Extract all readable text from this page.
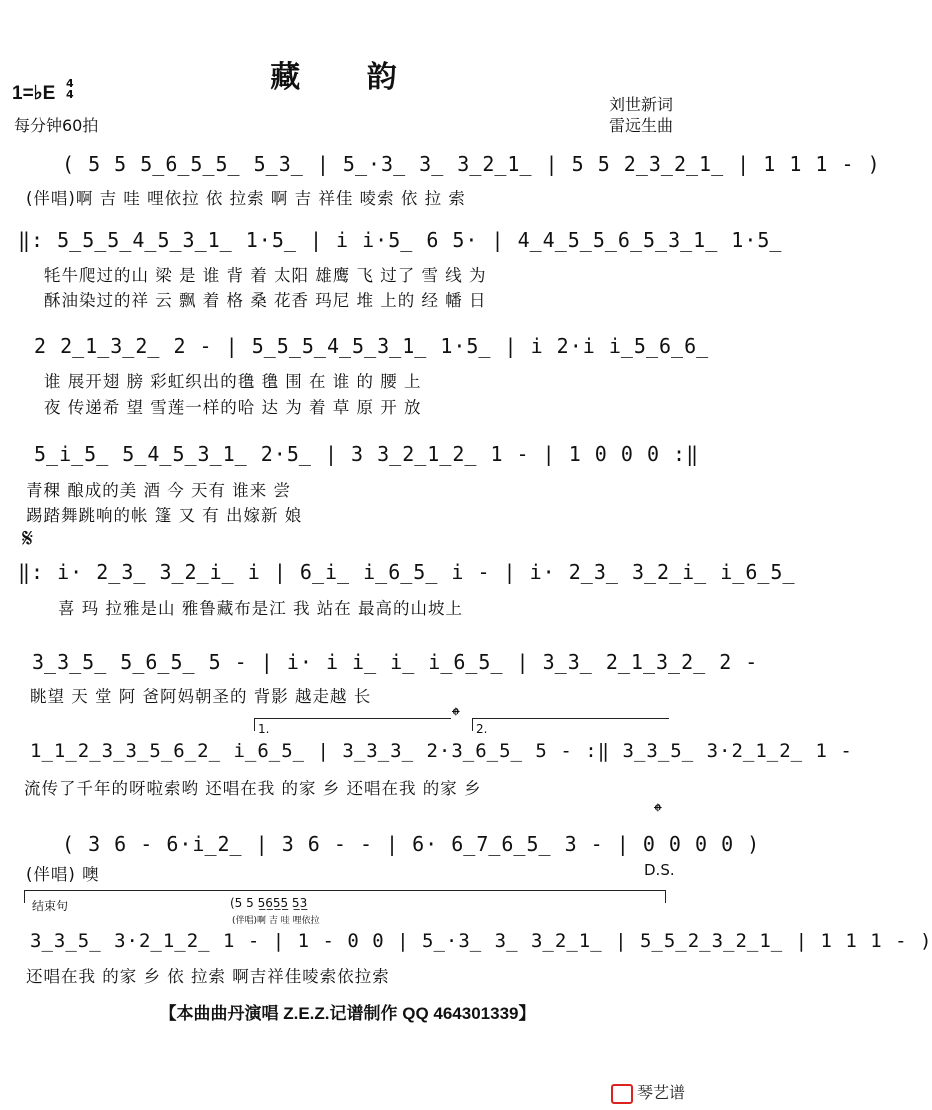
藏 韵
1=♭E 4
4
每分钟60拍
刘世新词
雷远生曲
( 5 5 5̲6̲5̲5̲ 5̲3̲ | 5̲·3̲ 3̲ 3̲2̲1̲ | 5 5 2̲3̲2̲1̲ | 1 1 1 - )
(伴唱)啊 吉 哇 哩依拉 依 拉索 啊 吉 祥佳 㖫索 依 拉 索
‖: 5̲5̲5̲4̲5̲3̲1̲ 1·5̲ | i i·5̲ 6 5· | 4̲4̲5̲5̲6̲5̲3̲1̲ 1·5̲
牦牛爬过的山 梁 是 谁 背 着 太阳 雄鹰 飞 过了 雪 线 为
酥油染过的祥 云 飘 着 格 桑 花香 玛尼 堆 上的 经 幡 日
2 2̲1̲3̲2̲ 2 - | 5̲5̲5̲4̲5̲3̲1̲ 1·5̲ | i 2·i i̲5̲6̲6̲
谁 展开翅 膀 彩虹织出的氇 氇 围 在 谁 的 腰 上
夜 传递希 望 雪莲一样的哈 达 为 着 草 原 开 放
5̲i̲5̲ 5̲4̲5̲3̲1̲ 2·5̲ | 3 3̲2̲1̲2̲ 1 - | 1 0 0 0 :‖
青稞 酿成的美 酒 今 天有 谁来 尝
踢踏舞跳响的帐 篷 又 有 出嫁新 娘
𝄋
‖: i· 2̲3̲ 3̲2̲i̲ i | 6̲i̲ i̲6̲5̲ i - | i· 2̲3̲ 3̲2̲i̲ i̲6̲5̲
喜 玛 拉雅是山 雅鲁藏布是江 我 站在 最高的山坡上
3̲3̲5̲ 5̲6̲5̲ 5 - | i· i i̲ i̲ i̲6̲5̲ | 3̲3̲ 2̲1̲3̲2̲ 2 -
眺望 天 堂 阿 爸阿妈朝圣的 背影 越走越 长
1.	𝄌 2.
1̲1̲2̲3̲3̲5̲6̲2̲ i̲6̲5̲ | 3̲3̲3̲ 2·3̲6̲5̲ 5 - :‖ 3̲3̲5̲ 3·2̲1̲2̲ 1 -
流传了千年的呀啦索哟 还唱在我 的家 乡 还唱在我 的家 乡
( 3 6 - 6·i̲2̲ | 3 6 - - | 6· 6̲7̲6̲5̲ 3 - | 0 0 0 0 )
𝄌
(伴唱) 噢	D.S.
结束句	(5 5 5̲6̲5̲5̲ 5̲3̲
(伴唱)啊 吉 哇 哩依拉
3̲3̲5̲ 3·2̲1̲2̲ 1 - | 1 - 0 0 | 5̲·3̲ 3̲ 3̲2̲1̲ | 5̲5̲2̲3̲2̲1̲ | 1 1 1 - )
还唱在我 的家 乡 依 拉索 啊吉祥佳㖫索依拉索
【本曲曲丹演唱 Z.E.Z.记谱制作 QQ 464301339】
琴艺谱
